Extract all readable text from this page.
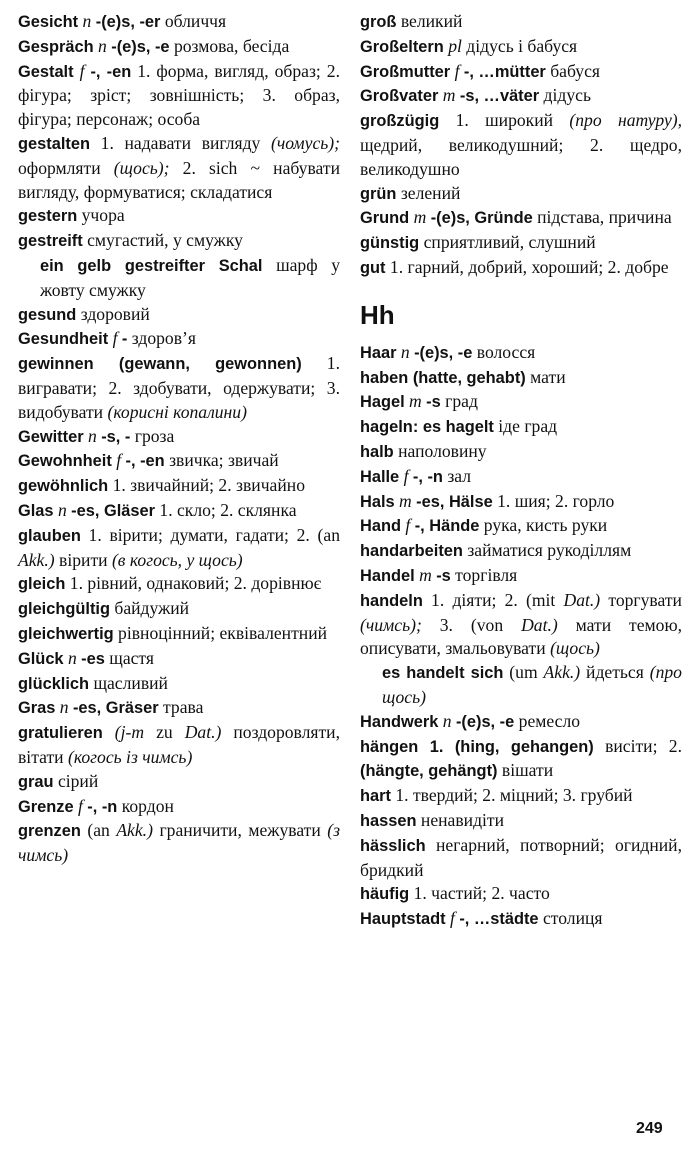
Gesicht n -(e)s, -er обличчя

Gespräch n -(e)s, -e розмова, бесіда

Gestalt f -, -en 1. форма, вигляд, образ; 2. фігура; зріст; зовнішність; 3. образ, фігура; персонаж; особа

gestalten 1. надавати вигляду (чомусь); оформляти (щось); 2. sich ~ набувати вигляду, формуватися; складатися

gestern учора

gestreift смугастий, у смужку

ein gelb gestreifter Schal шарф у жовту смужку

gesund здоровий

Gesundheit f - здоров’я

gewinnen (gewann, gewonnen) 1. вигравати; 2. здобувати, одержувати; 3. видобувати (корисні копалини)

Gewitter n -s, - гроза

Gewohnheit f -, -en звичка; звичай

gewöhnlich 1. звичайний; 2. звичайно

Glas n -es, Gläser 1. скло; 2. склянка

glauben 1. вірити; думати, гадати; 2. (an Akk.) вірити (в когось, у щось)

gleich 1. рівний, однаковий; 2. дорівнює

gleichgültig байдужий

gleichwertig рівноцінний; еквівалентний

Glück n -es щастя

glücklich щасливий

Gras n -es, Gräser трава

gratulieren (j-m zu Dat.) поздоровляти, вітати (когось із чимсь)

grau сірий

Grenze f -, -n кордон

grenzen (an Akk.) граничити, межувати (з чимсь)

groß великий

Großeltern pl дідусь і бабуся

Großmutter f -, …mütter бабуся

Großvater m -s, …väter дідусь

großzügig 1. широкий (про натуру), щедрий, великодушний; 2. щедро, великодушно

grün зелений

Grund m -(e)s, Gründe підстава, причина

günstig сприятливий, слушний

gut 1. гарний, добрий, хороший; 2. добре

Hh

Haar n -(e)s, -e волосся

haben (hatte, gehabt) мати

Hagel m -s град

hageln: es hagelt іде град

halb наполовину

Halle f -, -n зал

Hals m -es, Hälse 1. шия; 2. горло

Hand f -, Hände рука, кисть руки

handarbeiten займатися рукоділлям

Handel m -s торгівля

handeln 1. діяти; 2. (mit Dat.) торгувати (чимсь); 3. (von Dat.) мати темою, описувати, змальовувати (щось)

es handelt sich (um Akk.) йдеться (про щось)

Handwerk n -(e)s, -e ремесло

hängen 1. (hing, gehangen) висіти; 2. (hängte, gehängt) вішати

hart 1. твердий; 2. міцний; 3. грубий

hassen ненавидіти

hässlich негарний, потворний; огидний, бридкий

häufig 1. частий; 2. часто

Hauptstadt f -, …städte столиця

249
